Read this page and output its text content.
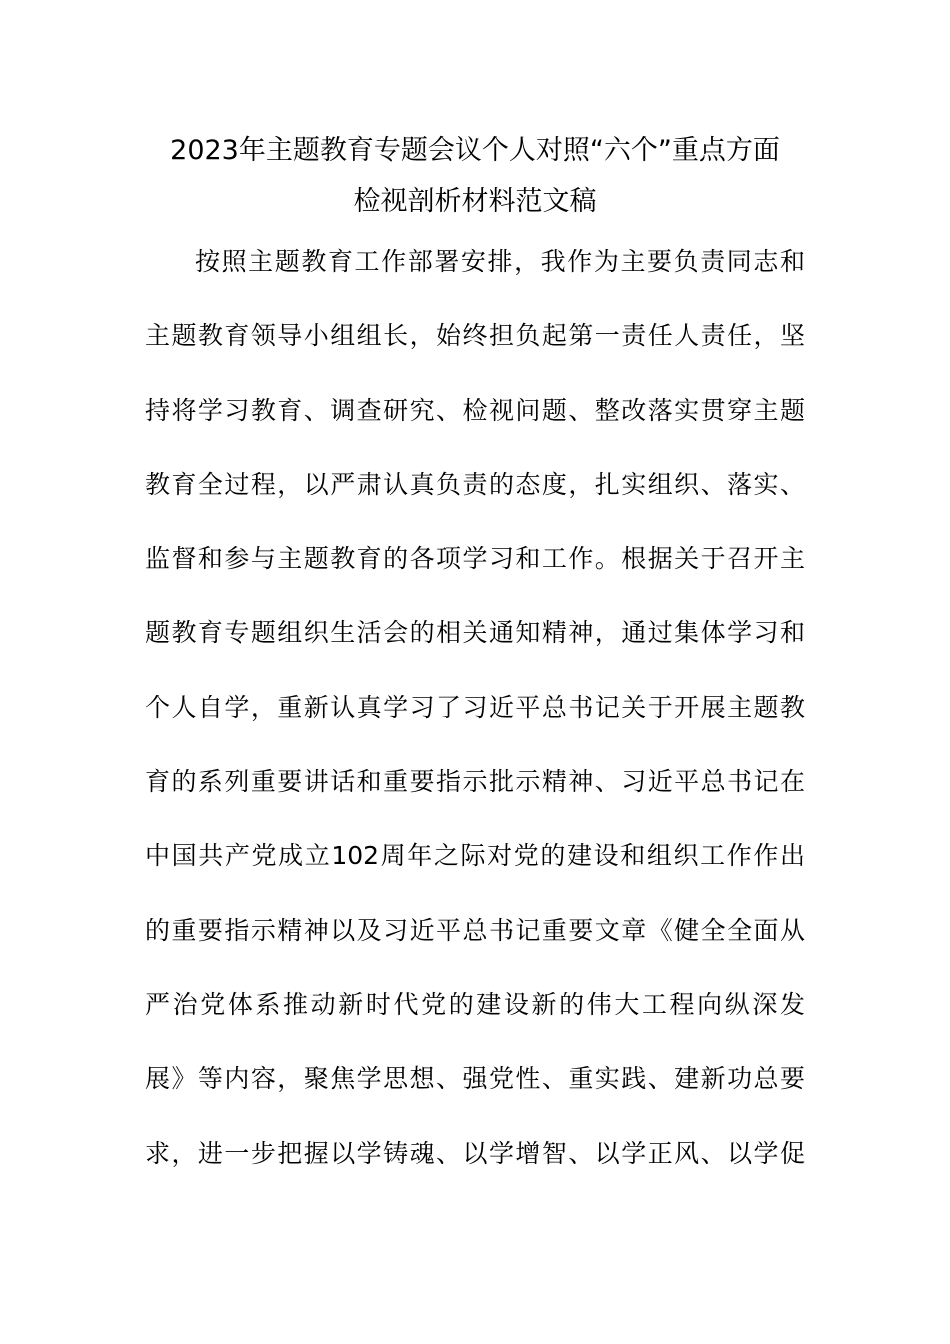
2023年主题教育专题会议个人对照“六个”重点方面
检视剖析材料范文稿
按照主题教育工作部署安排，我作为主要负责同志和
主题教育领导小组组长，始终担负起第一责任人责任，坚
持将学习教育、调查研究、检视问题、整改落实贯穿主题
教育全过程，以严肃认真负责的态度，扎实组织、落实、
监督和参与主题教育的各项学习和工作。根据关于召开主
题教育专题组织生活会的相关通知精神，通过集体学习和
个人自学，重新认真学习了习近平总书记关于开展主题教
育的系列重要讲话和重要指示批示精神、习近平总书记在
中国共产党成立102周年之际对党的建设和组织工作作出
的重要指示精神以及习近平总书记重要文章《健全全面从
严治党体系推动新时代党的建设新的伟大工程向纵深发
展》等内容，聚焦学思想、强党性、重实践、建新功总要
求，进一步把握以学铸魂、以学增智、以学正风、以学促
